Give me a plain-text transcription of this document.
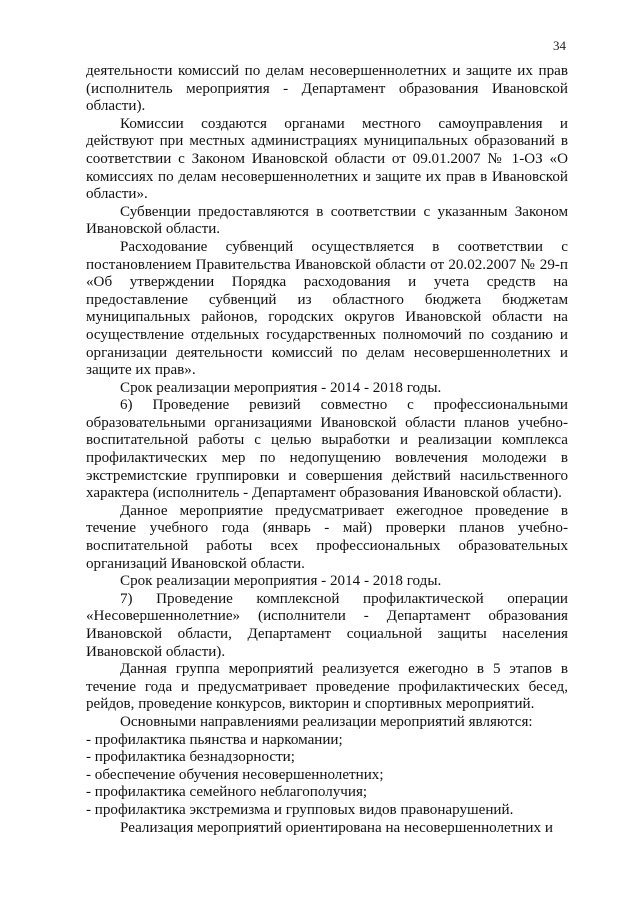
34

деятельности комиссий по делам несовершеннолетних и защите их прав (исполнитель мероприятия - Департамент образования Ивановской области).

Комиссии создаются органами местного самоуправления и действуют при местных администрациях муниципальных образований в соответствии с Законом Ивановской области от 09.01.2007 № 1-ОЗ «О комиссиях по делам несовершеннолетних и защите их прав в Ивановской области».

Субвенции предоставляются в соответствии с указанным Законом Ивановской области.

Расходование субвенций осуществляется в соответствии с постановлением Правительства Ивановской области от 20.02.2007 № 29-п «Об утверждении Порядка расходования и учета средств на предоставление субвенций из областного бюджета бюджетам муниципальных районов, городских округов Ивановской области на осуществление отдельных государственных полномочий по созданию и организации деятельности комиссий по делам несовершеннолетних и защите их прав».

Срок реализации мероприятия - 2014 - 2018 годы.

6) Проведение ревизий совместно с профессиональными образовательными организациями Ивановской области планов учебно-воспитательной работы с целью выработки и реализации комплекса профилактических мер по недопущению вовлечения молодежи в экстремистские группировки и совершения действий насильственного характера (исполнитель - Департамент образования Ивановской области).

Данное мероприятие предусматривает ежегодное проведение в течение учебного года (январь - май) проверки планов учебно-воспитательной работы всех профессиональных образовательных организаций Ивановской области.

Срок реализации мероприятия - 2014 - 2018 годы.

7) Проведение комплексной профилактической операции «Несовершеннолетние» (исполнители - Департамент образования Ивановской области, Департамент социальной защиты населения Ивановской области).

Данная группа мероприятий реализуется ежегодно в 5 этапов в течение года и предусматривает проведение профилактических бесед, рейдов, проведение конкурсов, викторин и спортивных мероприятий.

Основными направлениями реализации мероприятий являются:

- профилактика пьянства и наркомании;

- профилактика безнадзорности;

- обеспечение обучения несовершеннолетних;

- профилактика семейного неблагополучия;

- профилактика экстремизма и групповых видов правонарушений.

Реализация мероприятий ориентирована на несовершеннолетних и
